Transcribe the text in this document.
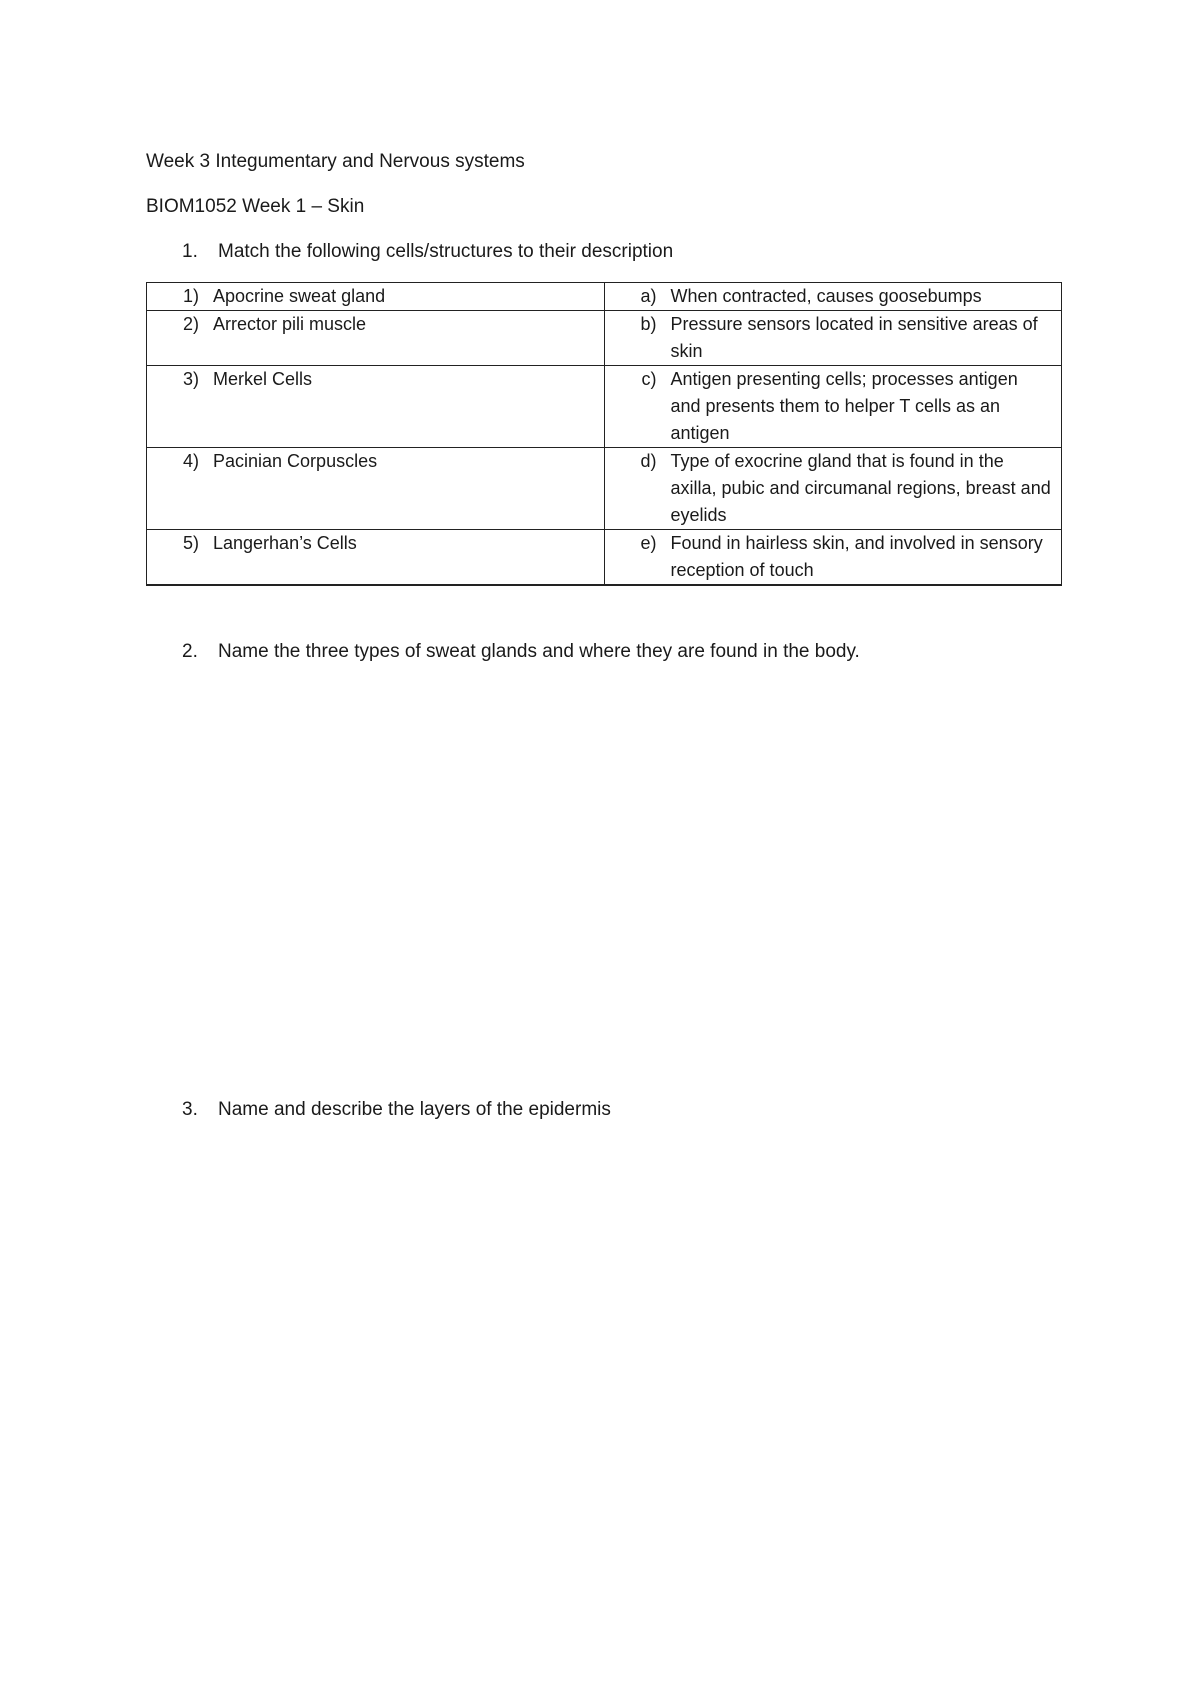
Week 3 Integumentary and Nervous systems
BIOM1052 Week 1 – Skin
1. Match the following cells/structures to their description
1) Apocrine sweat gland	a) When contracted, causes goosebumps

2) Arrector pili muscle	b) Pressure sensors located in sensitive areas of skin

3) Merkel Cells	c) Antigen presenting cells; processes antigen and presents them to helper T cells as an antigen

4) Pacinian Corpuscles	d) Type of exocrine gland that is found in the axilla, pubic and circumanal regions, breast and eyelids

5) Langerhan’s Cells	e) Found in hairless skin, and involved in sensory reception of touch
2. Name the three types of sweat glands and where they are found in the body.
3. Name and describe the layers of the epidermis
